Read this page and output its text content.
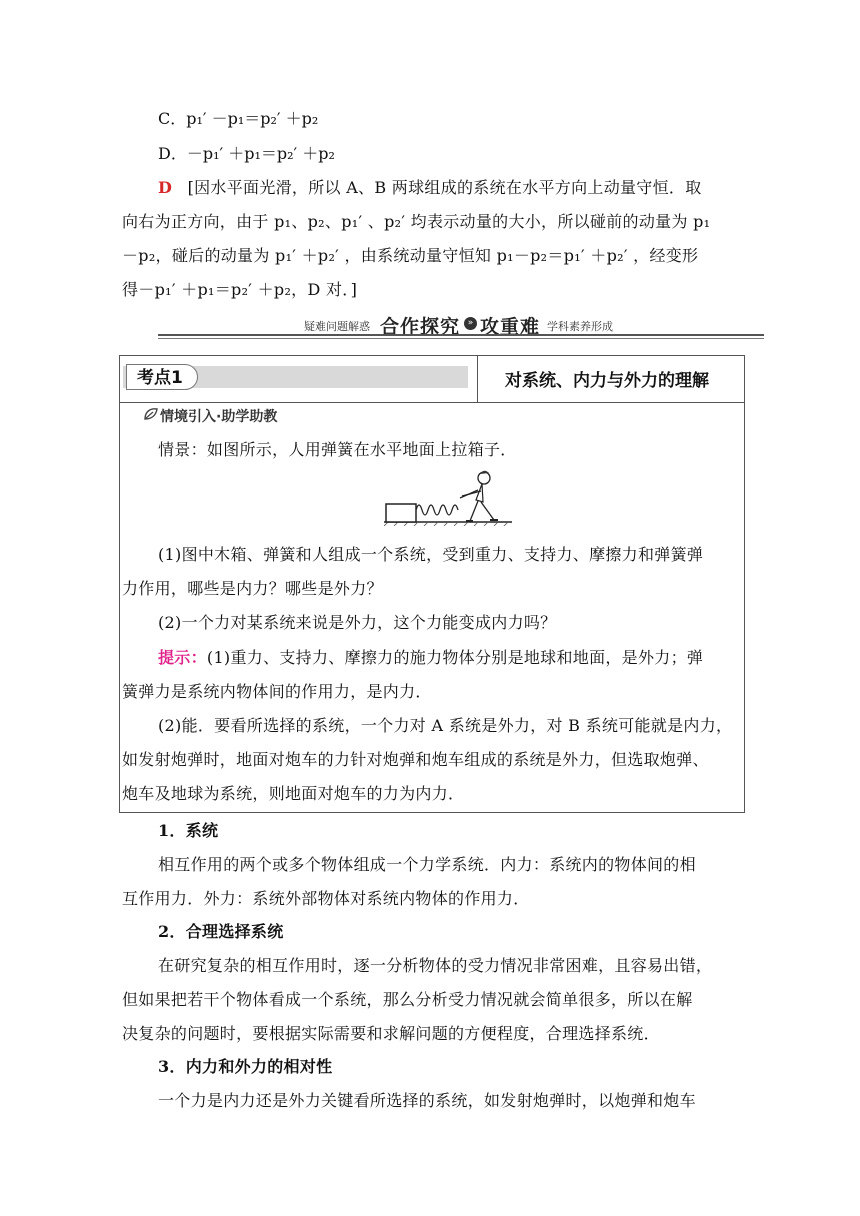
C．p₁′ －p₁＝p₂′ ＋p₂
D．－p₁′ ＋p₁＝p₂′ ＋p₂
D [因水平面光滑，所以 A、B 两球组成的系统在水平方向上动量守恒．取
向右为正方向，由于 p₁、p₂、p₁′ 、p₂′ 均表示动量的大小，所以碰前的动量为 p₁
－p₂，碰后的动量为 p₁′ ＋p₂′ ，由系统动量守恒知 p₁－p₂＝p₁′ ＋p₂′ ，经变形
得－p₁′ ＋p₁＝p₂′ ＋p₂，D 对．]
疑难问题解惑 合作探究 » 攻重难 学科素养形成
考点1	对系统、内力与外力的理解
情境引入·助学助教
情景：如图所示，人用弹簧在水平地面上拉箱子．
(1)图中木箱、弹簧和人组成一个系统，受到重力、支持力、摩擦力和弹簧弹
力作用，哪些是内力？哪些是外力？
(2)一个力对某系统来说是外力，这个力能变成内力吗？
提示：(1)重力、支持力、摩擦力的施力物体分别是地球和地面，是外力；弹
簧弹力是系统内物体间的作用力，是内力．
(2)能．要看所选择的系统，一个力对 A 系统是外力，对 B 系统可能就是内力，
如发射炮弹时，地面对炮车的力针对炮弹和炮车组成的系统是外力，但选取炮弹、
炮车及地球为系统，则地面对炮车的力为内力．
1．系统
相互作用的两个或多个物体组成一个力学系统．内力：系统内的物体间的相
互作用力．外力：系统外部物体对系统内物体的作用力．
2．合理选择系统
在研究复杂的相互作用时，逐一分析物体的受力情况非常困难，且容易出错，
但如果把若干个物体看成一个系统，那么分析受力情况就会简单很多，所以在解
决复杂的问题时，要根据实际需要和求解问题的方便程度，合理选择系统．
3．内力和外力的相对性
一个力是内力还是外力关键看所选择的系统，如发射炮弹时，以炮弹和炮车
